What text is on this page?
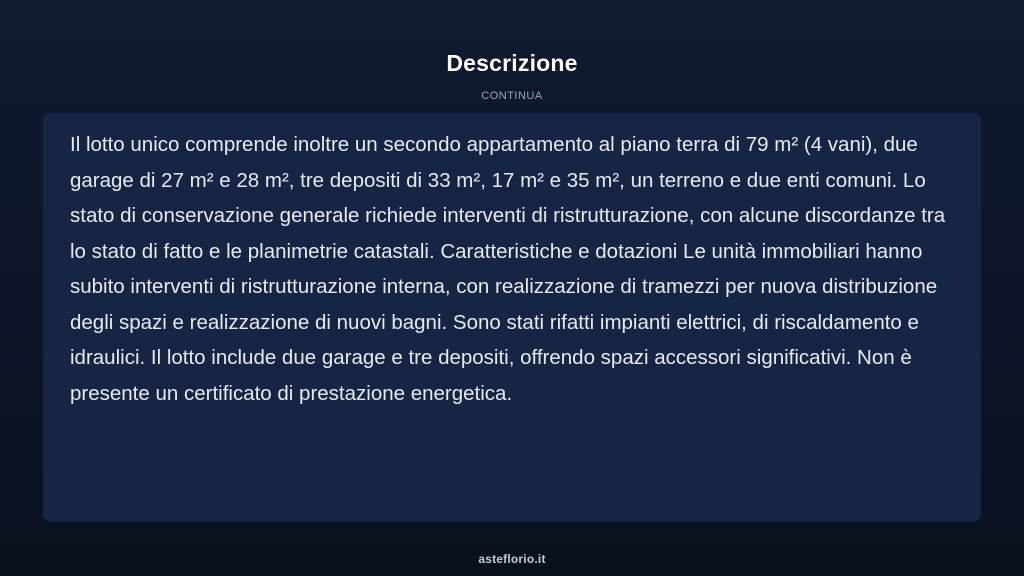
Descrizione
CONTINUA

Il lotto unico comprende inoltre un secondo appartamento al piano terra di 79 m² (4 vani), due garage di 27 m² e 28 m², tre depositi di 33 m², 17 m² e 35 m², un terreno e due enti comuni. Lo stato di conservazione generale richiede interventi di ristrutturazione, con alcune discordanze tra lo stato di fatto e le planimetrie catastali. Caratteristiche e dotazioni Le unità immobiliari hanno subito interventi di ristrutturazione interna, con realizzazione di tramezzi per nuova distribuzione degli spazi e realizzazione di nuovi bagni. Sono stati rifatti impianti elettrici, di riscaldamento e idraulici. Il lotto include due garage e tre depositi, offrendo spazi accessori significativi. Non è presente un certificato di prestazione energetica.

asteflorio.it
